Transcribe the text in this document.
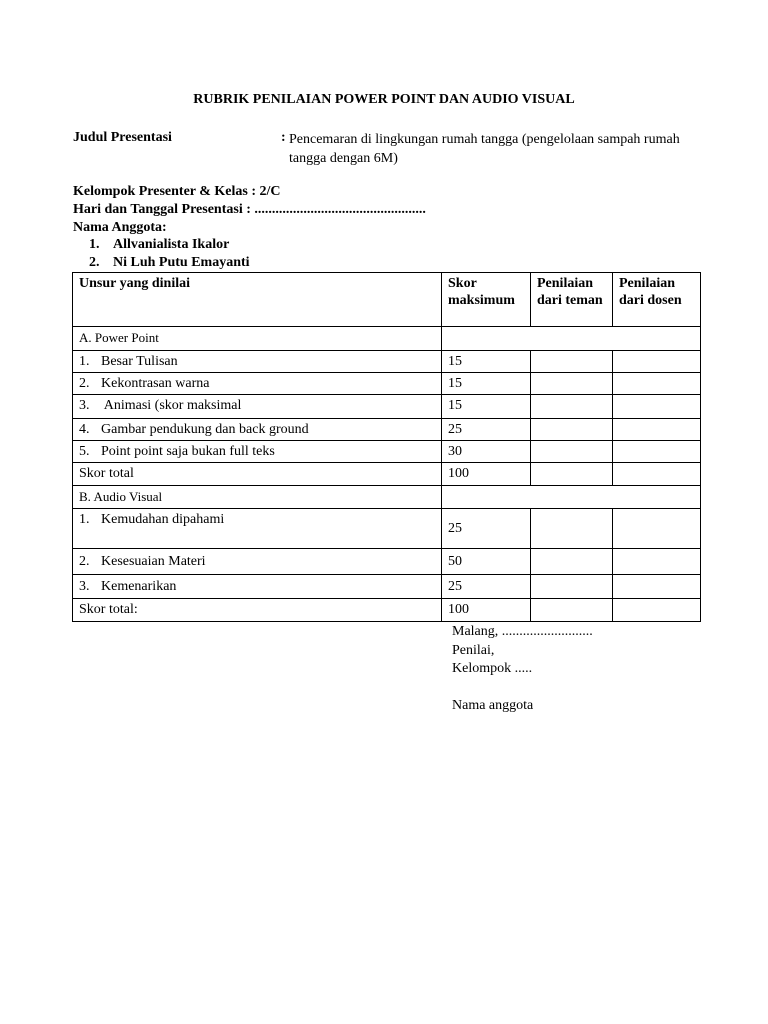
RUBRIK PENILAIAN POWER POINT DAN AUDIO VISUAL
Judul Presentasi	: Pencemaran di lingkungan rumah tangga (pengelolaan sampah rumah tangga dengan 6M)
Kelompok Presenter & Kelas : 2/C
Hari dan Tanggal Presentasi : .................................................
Nama Anggota:
1. Allvanialista Ikalor
2. Ni Luh Putu Emayanti
Unsur yang dinilai	Skor maksimum	Penilaian dari teman	Penilaian dari dosen
A. Power Point			
1. Besar Tulisan	15		
2. Kekontrasan warna	15		
3. Animasi (skor maksimal	15		
4. Gambar pendukung dan back ground	25		
5. Point point saja bukan full teks	30		
Skor total	100		
B. Audio Visual			
1. Kemudahan dipahami	25		
2. Kesesuaian Materi	50		
3. Kemenarikan	25		
Skor total:	100		
Malang, ..........................
Penilai,
Kelompok .....
Nama anggota
